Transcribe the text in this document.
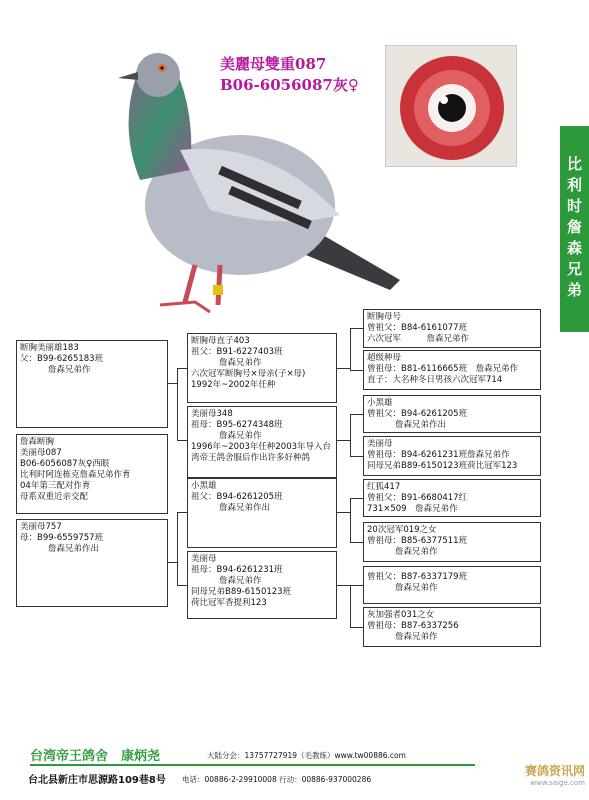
美麗母雙重087
B06-6056087灰♀
比利时詹森兄弟
断胸美丽雄183
父：B99-6265183班
詹森兄弟作
詹森断胸
美丽母087
B06-6056087灰♀西眼
比利时阿连栋克詹森兄弟作育
04年第三配对作育
母系双重近亲交配
美丽母757
母：B99-6559757班
詹森兄弟作出
断胸母直子403
祖父：B91-6227403班
詹森兄弟作
六次冠军断胸号×母亲(子×母)
1992年~2002年任种
美丽母348
祖母：B95-6274348班
詹森兄弟作
1996年~2003年任种2003年导入台
湾帝王鸽舍服后作出许多好种鸽
小黑雄
祖父：B94-6261205班
詹森兄弟作出
美丽母
祖母：B94-6261231班
詹森兄弟作
同母兄弟B89-6150123班
荷比冠军香提利123
断胸母号
曾祖父：B84-6161077班
六次冠军　　　詹森兄弟作
超级种母
曾祖母：B81-6116665班　詹森兄弟作
直子：大名种冬日男孩六次冠军714
小黑雄
曾祖父：B94-6261205班
詹森兄弟作出
美丽母
曾祖母：B94-6261231班詹森兄弟作
同母兄弟B89-6150123班荷比冠军123
红狐417
曾祖父：B91-6680417红
731×509　詹森兄弟作
20次冠军019之女
曾祖母：B85-6377511班
詹森兄弟作
曾祖父：B87-6337179班
詹森兄弟作
灰加强者031之女
曾祖母：B87-6337256
詹森兄弟作
台湾帝王鸽舍　康炳尧	大陆分会：13757727919（毛教练）www.tw00886.com
台北县新庄市思源路109巷8号 电话：00886-2-29910008 行动：00886-937000286
赛鸽资讯网
www.saige.com
